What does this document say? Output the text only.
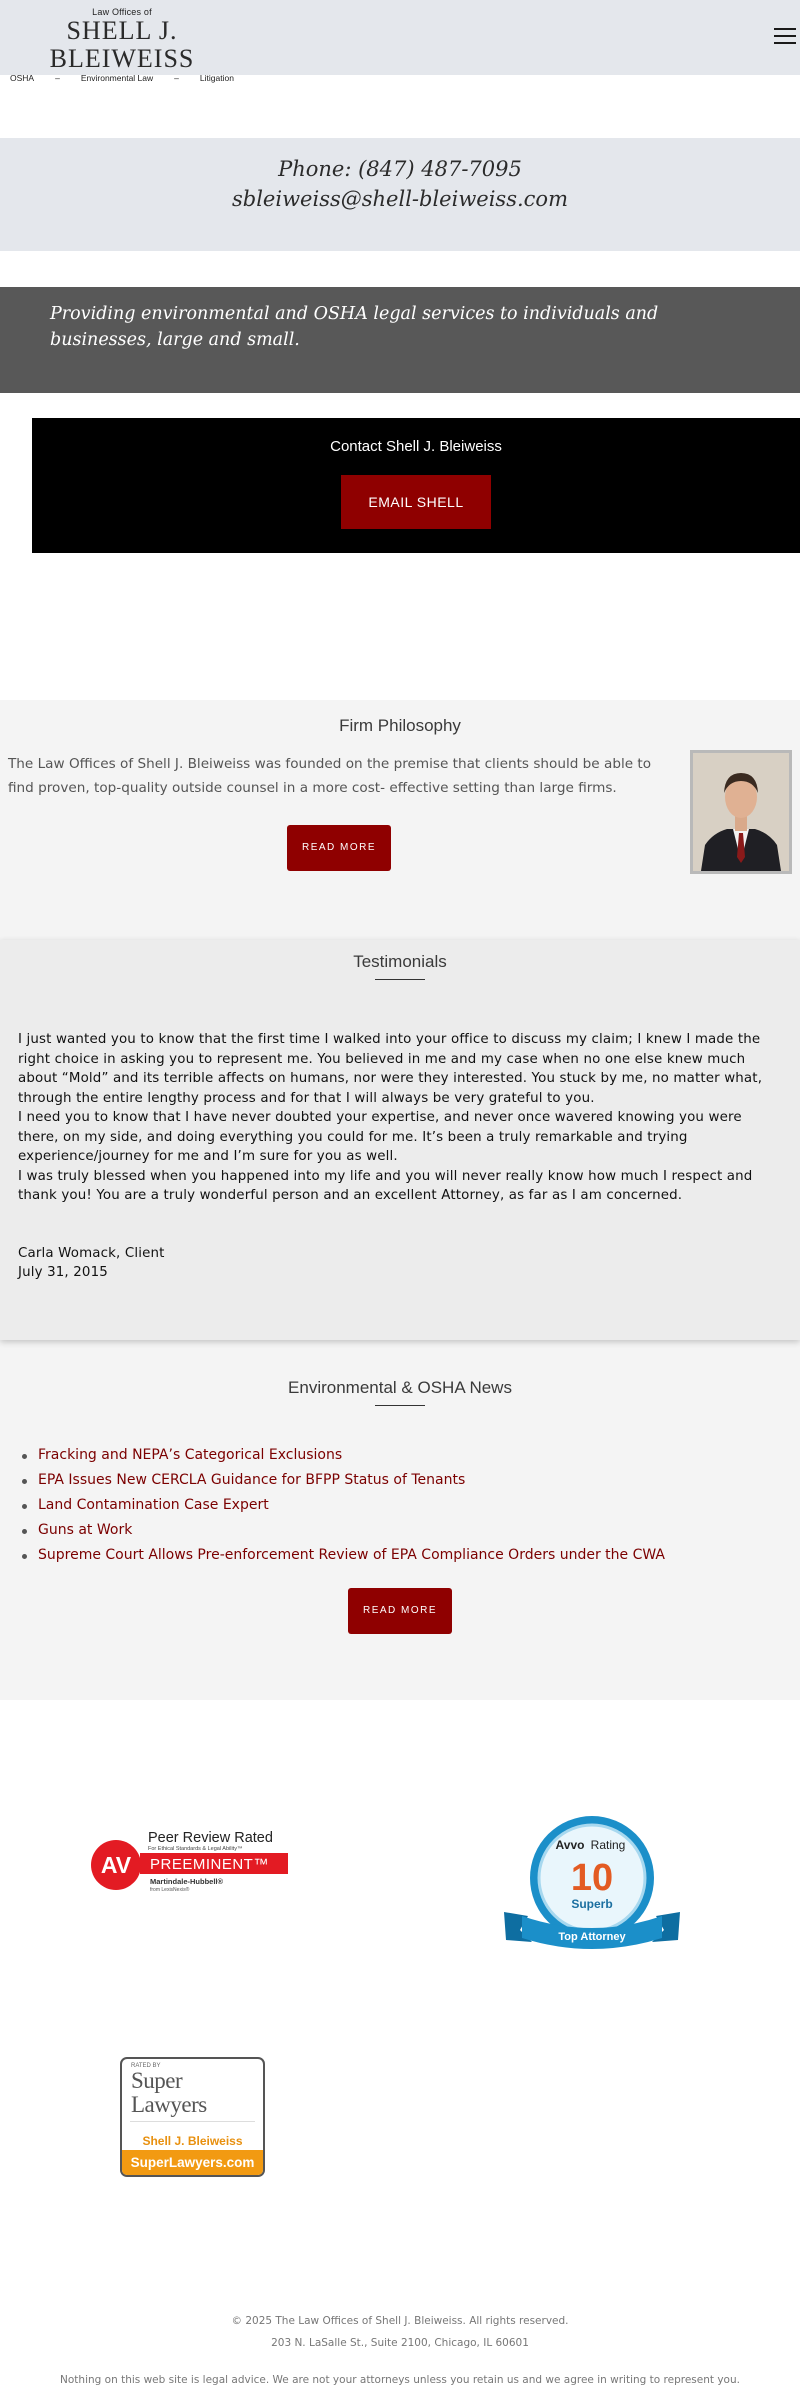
Law Offices of
SHELL J. BLEIWEISS
OSHA – Environmental Law – Litigation
Phone: (847) 487-7095
sbleiweiss@shell-bleiweiss.com

Providing environmental and OSHA legal services to individuals and businesses, large and small.

Contact Shell J. Bleiweiss
EMAIL SHELL
Firm Philosophy

The Law Offices of Shell J. Bleiweiss was founded on the premise that clients should be able to find proven, top-quality outside counsel in a more cost- effective setting than large firms.

READ MORE
Testimonials

I just wanted you to know that the first time I walked into your office to discuss my claim; I knew I made the right choice in asking you to represent me. You believed in me and my case when no one else knew much about “Mold” and its terrible affects on humans, nor were they interested. You stuck by me, no matter what, through the entire lengthy process and for that I will always be very grateful to you.

I need you to know that I have never doubted your expertise, and never once wavered knowing you were there, on my side, and doing everything you could for me. It’s been a truly remarkable and trying experience/journey for me and I’m sure for you as well.

I was truly blessed when you happened into my life and you will never really know how much I respect and thank you! You are a truly wonderful person and an excellent Attorney, as far as I am concerned.

Carla Womack, Client
July 31, 2015
Environmental & OSHA News
Fracking and NEPA’s Categorical Exclusions
EPA Issues New CERCLA Guidance for BFPP Status of Tenants
Land Contamination Case Expert
Guns at Work
Supreme Court Allows Pre-enforcement Review of EPA Compliance Orders under the CWA
READ MORE
AV
Peer Review Rated
For Ethical Standards & Legal Ability™
PREEMINENT™
Martindale-Hubbell®
from LexisNexis®
Avvo Rating
10
Superb
Top Attorney
RATED BY
Super Lawyers
Shell J. Bleiweiss
SuperLawyers.com
© 2025 The Law Offices of Shell J. Bleiweiss. All rights reserved.
203 N. LaSalle St., Suite 2100, Chicago, IL 60601
Nothing on this web site is legal advice. We are not your attorneys unless you retain us and we agree in writing to represent you.
